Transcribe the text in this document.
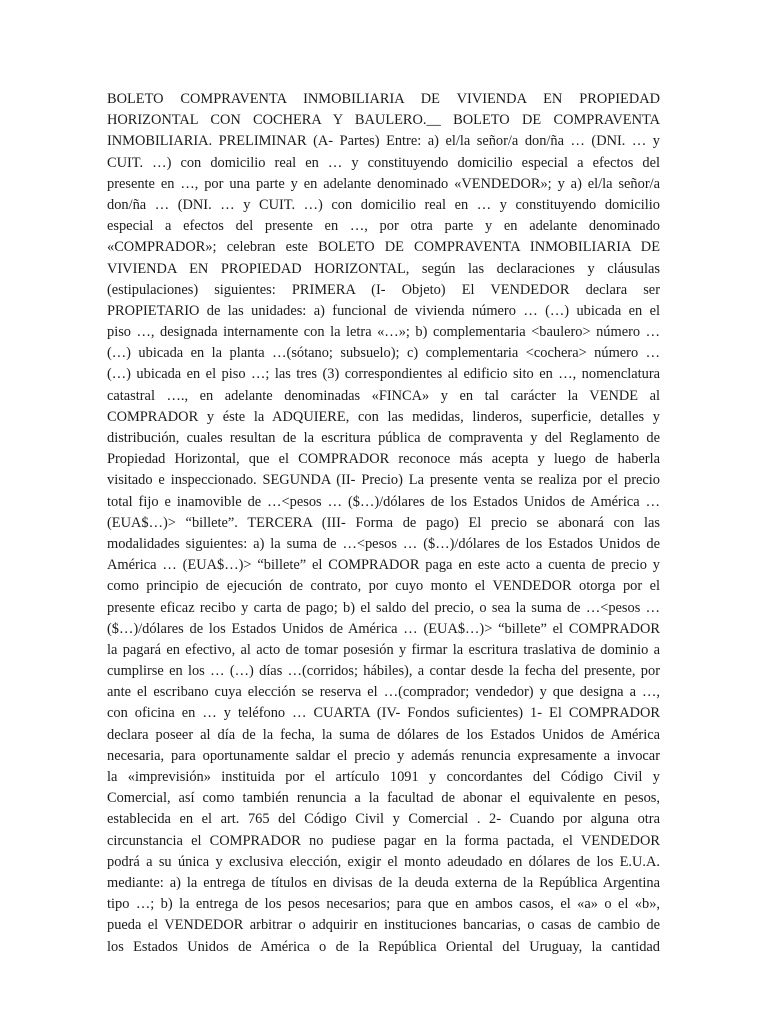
BOLETO COMPRAVENTA INMOBILIARIA DE VIVIENDA EN PROPIEDAD
HORIZONTAL CON COCHERA Y BAULERO.__ BOLETO DE COMPRAVENTA
INMOBILIARIA. PRELIMINAR (A- Partes) Entre: a) el/la señor/a don/ña … (DNI. … y
CUIT. …) con domicilio real en … y constituyendo domicilio especial a efectos del
presente en …, por una parte y en adelante denominado «VENDEDOR»; y a) el/la señor/a
don/ña … (DNI. … y CUIT. …) con domicilio real en … y constituyendo domicilio
especial a efectos del presente en …, por otra parte y en adelante denominado
«COMPRADOR»; celebran este BOLETO DE COMPRAVENTA INMOBILIARIA DE
VIVIENDA EN PROPIEDAD HORIZONTAL, según las declaraciones y cláusulas
(estipulaciones) siguientes: PRIMERA (I- Objeto) El VENDEDOR declara ser
PROPIETARIO de las unidades: a) funcional de vivienda número … (…) ubicada en el
piso …, designada internamente con la letra «…»; b) complementaria <baulero> número …
(…) ubicada en la planta …(sótano; subsuelo); c) complementaria <cochera> número …
(…) ubicada en el piso …; las tres (3) correspondientes al edificio sito en …, nomenclatura
catastral …., en adelante denominadas «FINCA» y en tal carácter la VENDE al
COMPRADOR y éste la ADQUIERE, con las medidas, linderos, superficie, detalles y
distribución, cuales resultan de la escritura pública de compraventa y del Reglamento de
Propiedad Horizontal, que el COMPRADOR reconoce más acepta y luego de haberla
visitado e inspeccionado. SEGUNDA (II- Precio) La presente venta se realiza por el precio
total fijo e inamovible de …<pesos … ($…)/dólares de los Estados Unidos de América …
(EUA$…)> “billete”. TERCERA (III- Forma de pago) El precio se abonará con las
modalidades siguientes: a) la suma de …<pesos … ($…)/dólares de los Estados Unidos de
América … (EUA$…)> “billete” el COMPRADOR paga en este acto a cuenta de precio y
como principio de ejecución de contrato, por cuyo monto el VENDEDOR otorga por el
presente eficaz recibo y carta de pago; b) el saldo del precio, o sea la suma de …<pesos …
($…)/dólares de los Estados Unidos de América … (EUA$…)> “billete” el COMPRADOR
la pagará en efectivo, al acto de tomar posesión y firmar la escritura traslativa de dominio a
cumplirse en los … (…) días …(corridos; hábiles), a contar desde la fecha del presente, por
ante el escribano cuya elección se reserva el …(comprador; vendedor) y que designa a …,
con oficina en … y teléfono … CUARTA (IV- Fondos suficientes) 1- El COMPRADOR
declara poseer al día de la fecha, la suma de dólares de los Estados Unidos de América
necesaria, para oportunamente saldar el precio y además renuncia expresamente a invocar
la «imprevisión» instituida por el artículo 1091 y concordantes del Código Civil y
Comercial, así como también renuncia a la facultad de abonar el equivalente en pesos,
establecida en el art. 765 del Código Civil y Comercial . 2- Cuando por alguna otra
circunstancia el COMPRADOR no pudiese pagar en la forma pactada, el VENDEDOR
podrá a su única y exclusiva elección, exigir el monto adeudado en dólares de los E.U.A.
mediante: a) la entrega de títulos en divisas de la deuda externa de la República Argentina
tipo …; b) la entrega de los pesos necesarios; para que en ambos casos, el «a» o el «b»,
pueda el VENDEDOR arbitrar o adquirir en instituciones bancarias, o casas de cambio de
los Estados Unidos de América o de la República Oriental del Uruguay, la cantidad
